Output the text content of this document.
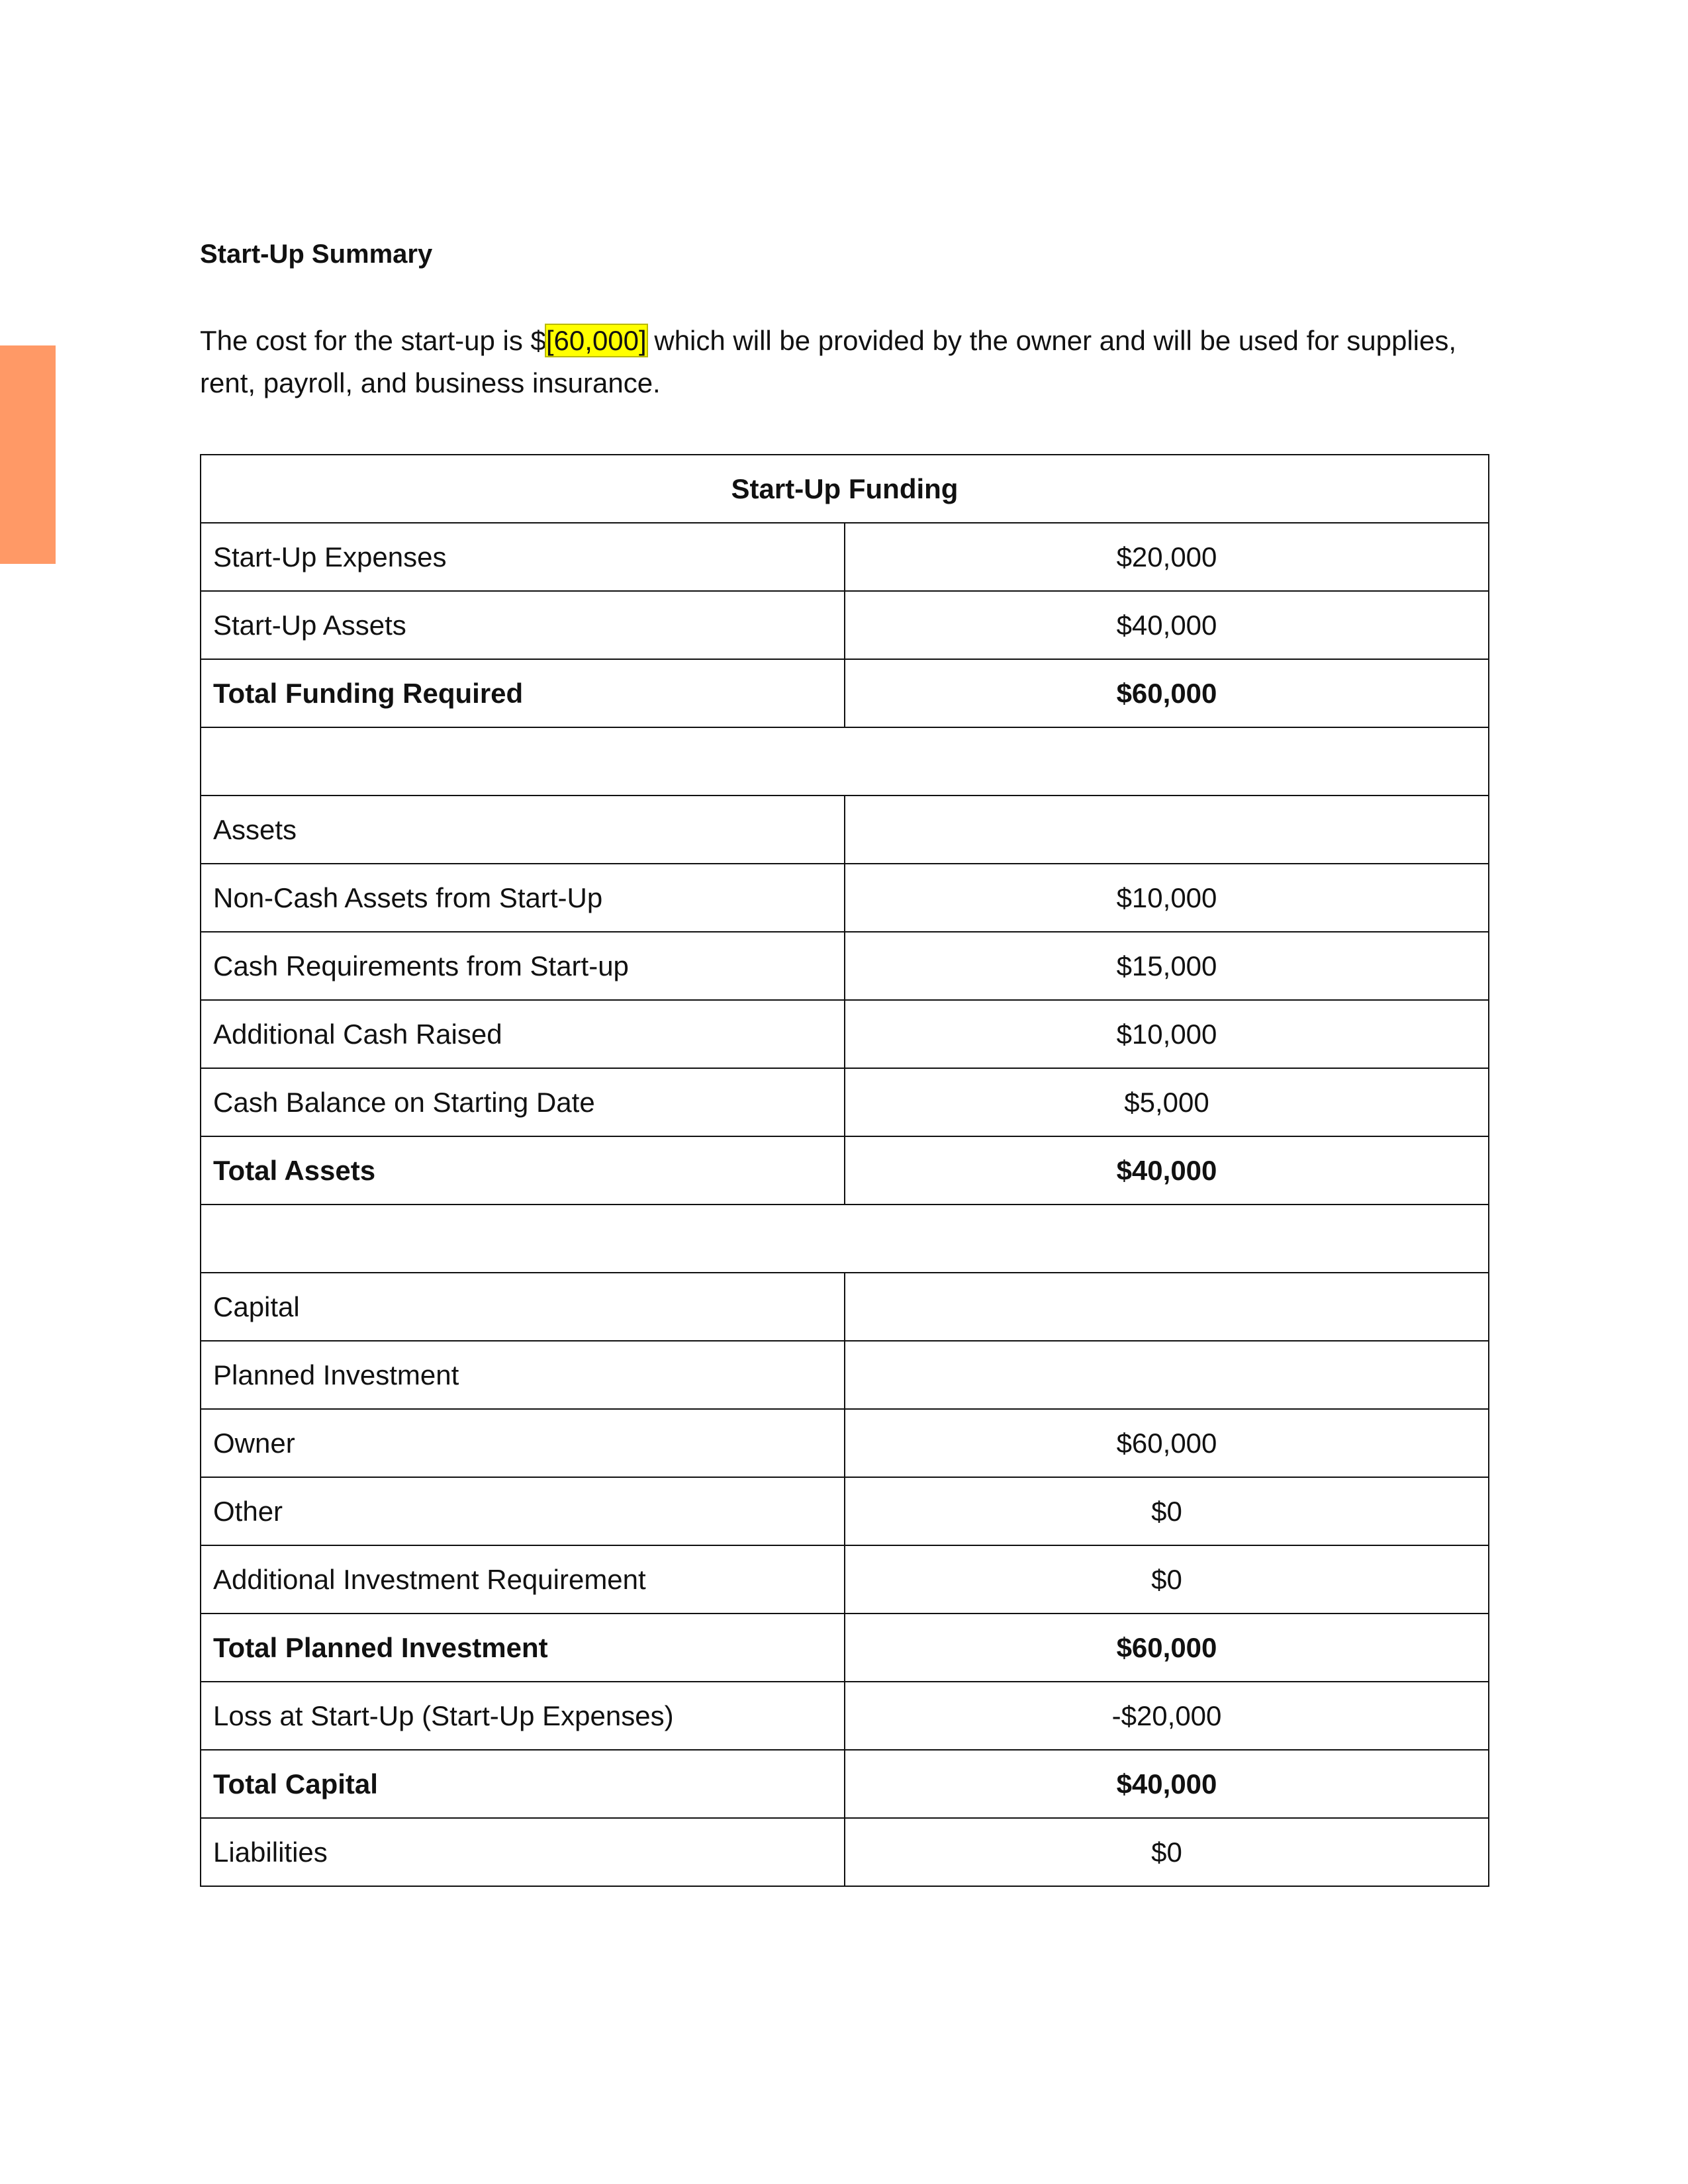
Start-Up Summary

The cost for the start-up is $[60,000] which will be provided by the owner and will be used for supplies, rent, payroll, and business insurance.

Start-Up Funding	
Start-Up Expenses	$20,000
Start-Up Assets	$40,000
Total Funding Required	$60,000

Assets	
Non-Cash Assets from Start-Up	$10,000
Cash Requirements from Start-up	$15,000
Additional Cash Raised	$10,000
Cash Balance on Starting Date	$5,000
Total Assets	$40,000

Capital	
Planned Investment	
Owner	$60,000
Other	$0
Additional Investment Requirement	$0
Total Planned Investment	$60,000
Loss at Start-Up (Start-Up Expenses)	-$20,000
Total Capital	$40,000
Liabilities	$0
